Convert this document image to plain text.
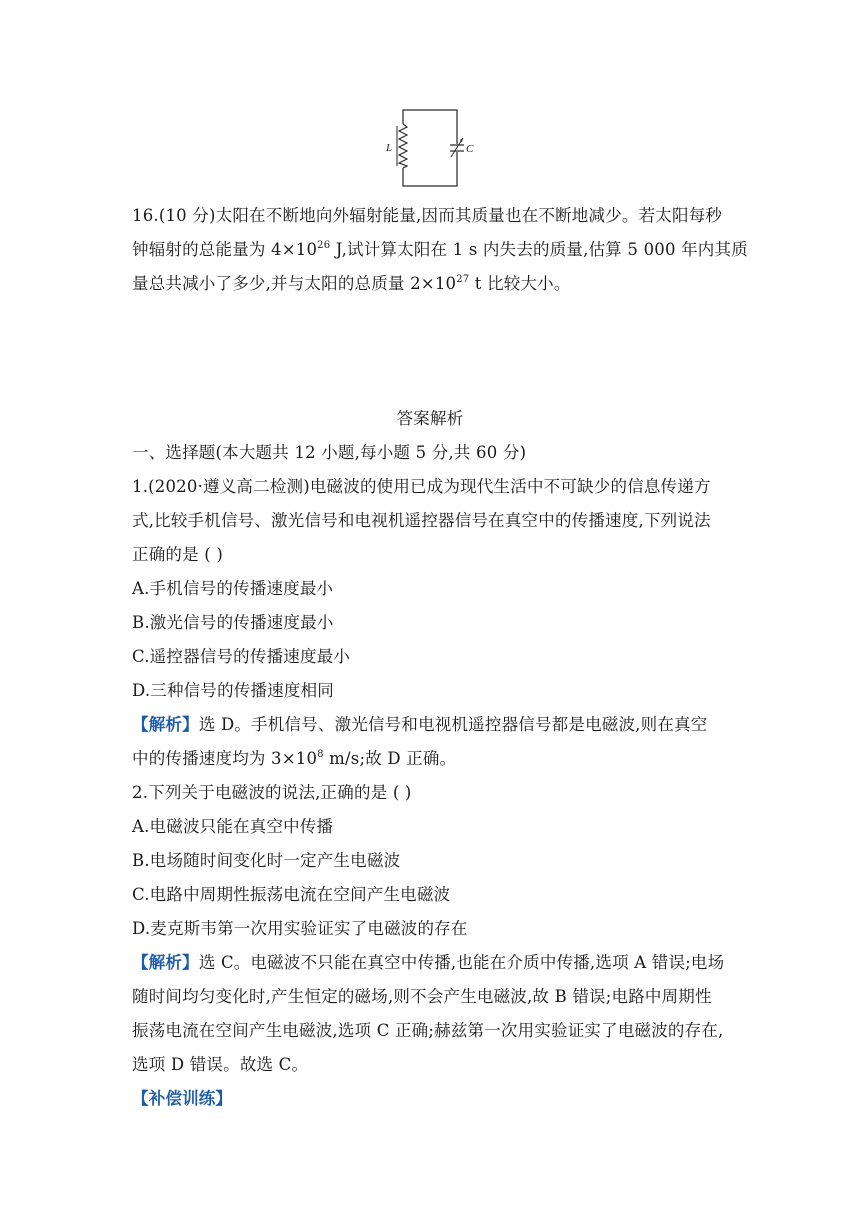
L	C
16.(10 分)太阳在不断地向外辐射能量,因而其质量也在不断地减少。若太阳每秒
钟辐射的总能量为 $4\times 10^{26}$ J,试计算太阳在 1 s 内失去的质量,估算 5 000 年内其质
量总共减小了多少,并与太阳的总质量 $2\times 10^{27}$ t 比较大小。
答案解析
一、选择题(本大题共 12 小题,每小题 5 分,共 60 分)
1.(2020·遵义高二检测)电磁波的使用已成为现代生活中不可缺少的信息传递方
式,比较手机信号、激光信号和电视机遥控器信号在真空中的传播速度,下列说法
正确的是 ( )
A.手机信号的传播速度最小
B.激光信号的传播速度最小
C.遥控器信号的传播速度最小
D.三种信号的传播速度相同
【解析】选 D。手机信号、激光信号和电视机遥控器信号都是电磁波,则在真空
中的传播速度均为 $3\times 10^8$ m/s;故 D 正确。
2.下列关于电磁波的说法,正确的是 ( )
A.电磁波只能在真空中传播
B.电场随时间变化时一定产生电磁波
C.电路中周期性振荡电流在空间产生电磁波
D.麦克斯韦第一次用实验证实了电磁波的存在
【解析】选 C。电磁波不只能在真空中传播,也能在介质中传播,选项 A 错误;电场
随时间均匀变化时,产生恒定的磁场,则不会产生电磁波,故 B 错误;电路中周期性
振荡电流在空间产生电磁波,选项 C 正确;赫兹第一次用实验证实了电磁波的存在,
选项 D 错误。故选 C。
【补偿训练】
